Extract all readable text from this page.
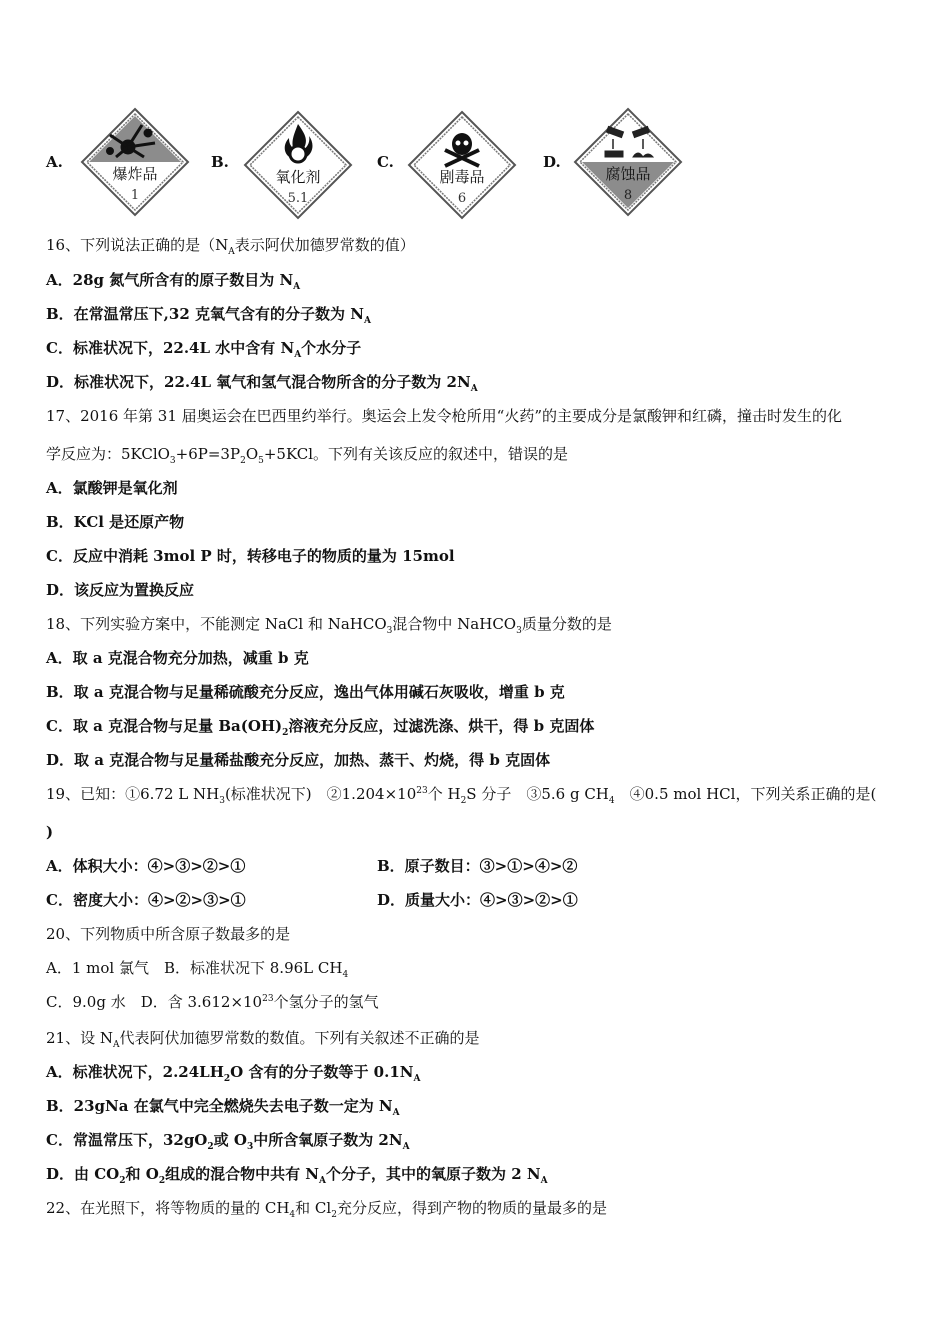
A.
爆炸品
1
B.
氧化剂
5.1
C.
剧毒品
6
D.
腐蚀品
8
16、下列说法正确的是（$N_A$表示阿伏加德罗常数的值）
A．28g 氮气所含有的原子数目为 $N_A$
B．在常温常压下,32 克氧气含有的分子数为 $N_A$
C．标准状况下，22.4L 水中含有 $N_A$个水分子
D．标准状况下，22.4L 氧气和氢气混合物所含的分子数为 $2N_A$
17、2016 年第 31 届奥运会在巴西里约举行。奥运会上发令枪所用“火药”的主要成分是氯酸钾和红磷，撞击时发生的化
学反应为：$5KClO_3+6P=3P_2O_5+5KCl$。下列有关该反应的叙述中，错误的是
A．氯酸钾是氧化剂
B．KCl 是还原产物
C．反应中消耗 3mol P 时，转移电子的物质的量为 15mol
D．该反应为置换反应
18、下列实验方案中，不能测定 NaCl 和 NaHCO$_3$混合物中 NaHCO$_3$质量分数的是
A．取 a 克混合物充分加热，减重 b 克
B．取 a 克混合物与足量稀硫酸充分反应，逸出气体用碱石灰吸收，增重 b 克
C．取 a 克混合物与足量 $Ba(OH)_2$溶液充分反应，过滤洗涤、烘干，得 b 克固体
D．取 a 克混合物与足量稀盐酸充分反应，加热、蒸干、灼烧，得 b 克固体
19、已知：①6.72 L $NH_3$(标准状况下)　$②1.204\times 10^{23}$个 $H_2S$ 分子　③5.6 g $CH_4$　④0.5 mol HCl，下列关系正确的是(
)
A．体积大小：④>③>②>①	B．原子数目：③>①>④>②
C．密度大小：④>②>③>①	D．质量大小：④>③>②>①
20、下列物质中所含原子数最多的是
A．1 mol 氯气　B．标准状况下 8.96L $CH_4$
C．9.0g 水　D．含 $3.612\times 10^{23}$个氢分子的氢气
21、设 $N_A$代表阿伏加德罗常数的数值。下列有关叙述不正确的是
A．标准状况下，$2.24LH_2O$ 含有的分子数等于 $0.1N_A$
B．23gNa 在氯气中完全燃烧失去电子数一定为 $N_A$
C．常温常压下，$32gO_2$或 $O_3$中所含氧原子数为 $2N_A$
D．由 $CO_2$和 $O_2$组成的混合物中共有 $N_A$个分子，其中的氧原子数为 2 $N_A$
22、在光照下，将等物质的量的 $CH_4$和 $Cl_2$充分反应，得到产物的物质的量最多的是
